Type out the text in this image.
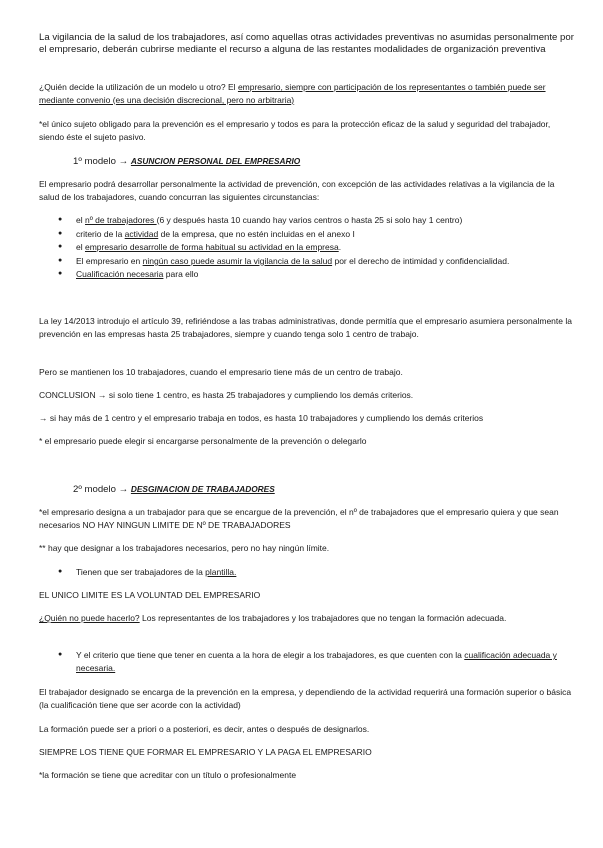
La vigilancia de la salud de los trabajadores, así como aquellas otras actividades preventivas no asumidas personalmente por el empresario, deberán cubrirse mediante el recurso a alguna de las restantes modalidades de organización preventiva
¿Quién decide la utilización de un modelo u otro? El empresario, siempre con participación de los representantes o también puede ser mediante convenio (es una decisión discrecional, pero no arbitraria)
*el único sujeto obligado para la prevención es el empresario y todos es para la protección eficaz de la salud y seguridad del trabajador, siendo éste el sujeto pasivo.
1º modelo → ASUNCION PERSONAL DEL EMPRESARIO
El empresario podrá desarrollar personalmente la actividad de prevención, con excepción de las actividades relativas a la vigilancia de la salud de los trabajadores, cuando concurran las siguientes circunstancias:
● el nº de trabajadores (6 y después hasta 10 cuando hay varios centros o hasta 25 si solo hay 1 centro)
● criterio de la actividad de la empresa, que no estén incluidas en el anexo I
● el empresario desarrolle de forma habitual su actividad en la empresa.
● El empresario en ningún caso puede asumir la vigilancia de la salud por el derecho de intimidad y confidencialidad.
● Cualificación necesaria para ello
La ley 14/2013 introdujo el artículo 39, refiriéndose a las trabas administrativas, donde permitía que el empresario asumiera personalmente la prevención en las empresas hasta 25 trabajadores, siempre y cuando tenga solo 1 centro de trabajo.
Pero se mantienen los 10 trabajadores, cuando el empresario tiene más de un centro de trabajo.
CONCLUSION → si solo tiene 1 centro, es hasta 25 trabajadores y cumpliendo los demás criterios.
→ si hay más de 1 centro y el empresario trabaja en todos, es hasta 10 trabajadores y cumpliendo los demás criterios
* el empresario puede elegir si encargarse personalmente de la prevención o delegarlo
2º modelo → DESGINACION DE TRABAJADORES
*el empresario designa a un trabajador para que se encargue de la prevención, el nº de trabajadores que el empresario quiera y que sean necesarios NO HAY NINGUN LIMITE DE Nº DE TRABAJADORES
** hay que designar a los trabajadores necesarios, pero no hay ningún límite.
● Tienen que ser trabajadores de la plantilla.
EL UNICO LIMITE ES LA VOLUNTAD DEL EMPRESARIO
¿Quién no puede hacerlo? Los representantes de los trabajadores y los trabajadores que no tengan la formación adecuada.
● Y el criterio que tiene que tener en cuenta a la hora de elegir a los trabajadores, es que cuenten con la cualificación adecuada y necesaria.
El trabajador designado se encarga de la prevención en la empresa, y dependiendo de la actividad requerirá una formación superior o básica (la cualificación tiene que ser acorde con la actividad)
La formación puede ser a priori o a posteriori, es decir, antes o después de designarlos.
SIEMPRE LOS TIENE QUE FORMAR EL EMPRESARIO Y LA PAGA EL EMPRESARIO
*la formación se tiene que acreditar con un título o profesionalmente
